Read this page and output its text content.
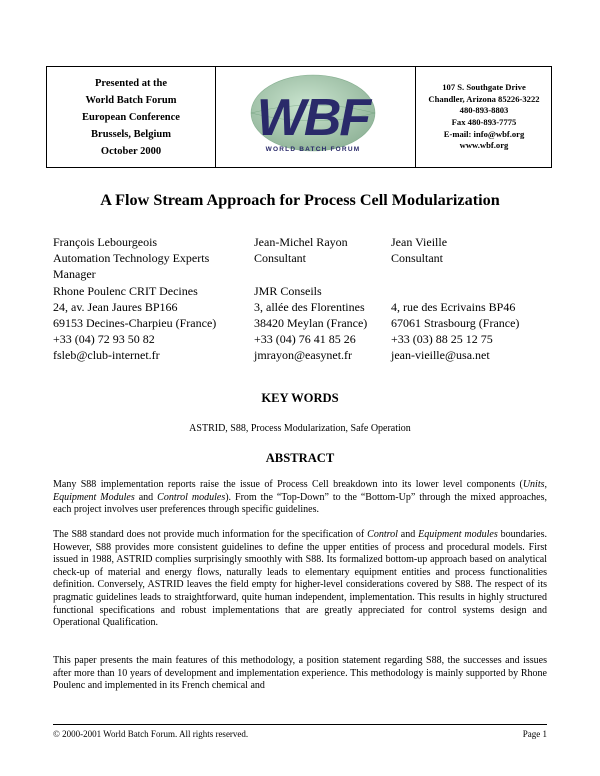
Presented at the
World Batch Forum
European Conference
Brussels, Belgium
October 2000
WBF
WORLD BATCH FORUM
107 S. Southgate Drive
Chandler, Arizona 85226-3222
480-893-8803
Fax 480-893-7775
E-mail: info@wbf.org
www.wbf.org
A Flow Stream Approach for Process Cell Modularization
François Lebourgeois
Automation Technology Experts
Manager
Rhone Poulenc CRIT Decines
24, av. Jean Jaures BP166
69153 Decines-Charpieu (France)
+33 (04) 72 93 50 82
fsleb@club-internet.fr
Jean-Michel Rayon
Consultant
JMR Conseils
3, allée des Florentines
38420 Meylan (France)
+33 (04) 76 41 85 26
jmrayon@easynet.fr
Jean Vieille
Consultant
4, rue des Ecrivains BP46
67061 Strasbourg (France)
+33 (03) 88 25 12 75
jean-vieille@usa.net
KEY WORDS
ASTRID, S88, Process Modularization, Safe Operation
ABSTRACT

Many S88 implementation reports raise the issue of Process Cell breakdown into its lower level components (Units, Equipment Modules and Control modules). From the “Top-Down” to the “Bottom-Up” through the mixed approaches, each project involves user preferences through specific guidelines.

The S88 standard does not provide much information for the specification of Control and Equipment modules boundaries. However, S88 provides more consistent guidelines to define the upper entities of process and procedural models. First issued in 1988, ASTRID complies surprisingly smoothly with S88. Its formalized bottom-up approach based on analytical check-up of material and energy flows, naturally leads to elementary equipment entities and process functionalities definition. Conversely, ASTRID leaves the field empty for higher-level considerations covered by S88. The respect of its pragmatic guidelines leads to straightforward, quite human independent, implementation. This results in highly structured functional specifications and robust implementations that are greatly appreciated for control systems design and Operational Qualification.

This paper presents the main features of this methodology, a position statement regarding S88, the successes and issues after more than 10 years of development and implementation experience. This methodology is mainly supported by Rhone Poulenc and implemented in its French chemical and

© 2000-2001 World Batch Forum. All rights reserved.	Page 1
